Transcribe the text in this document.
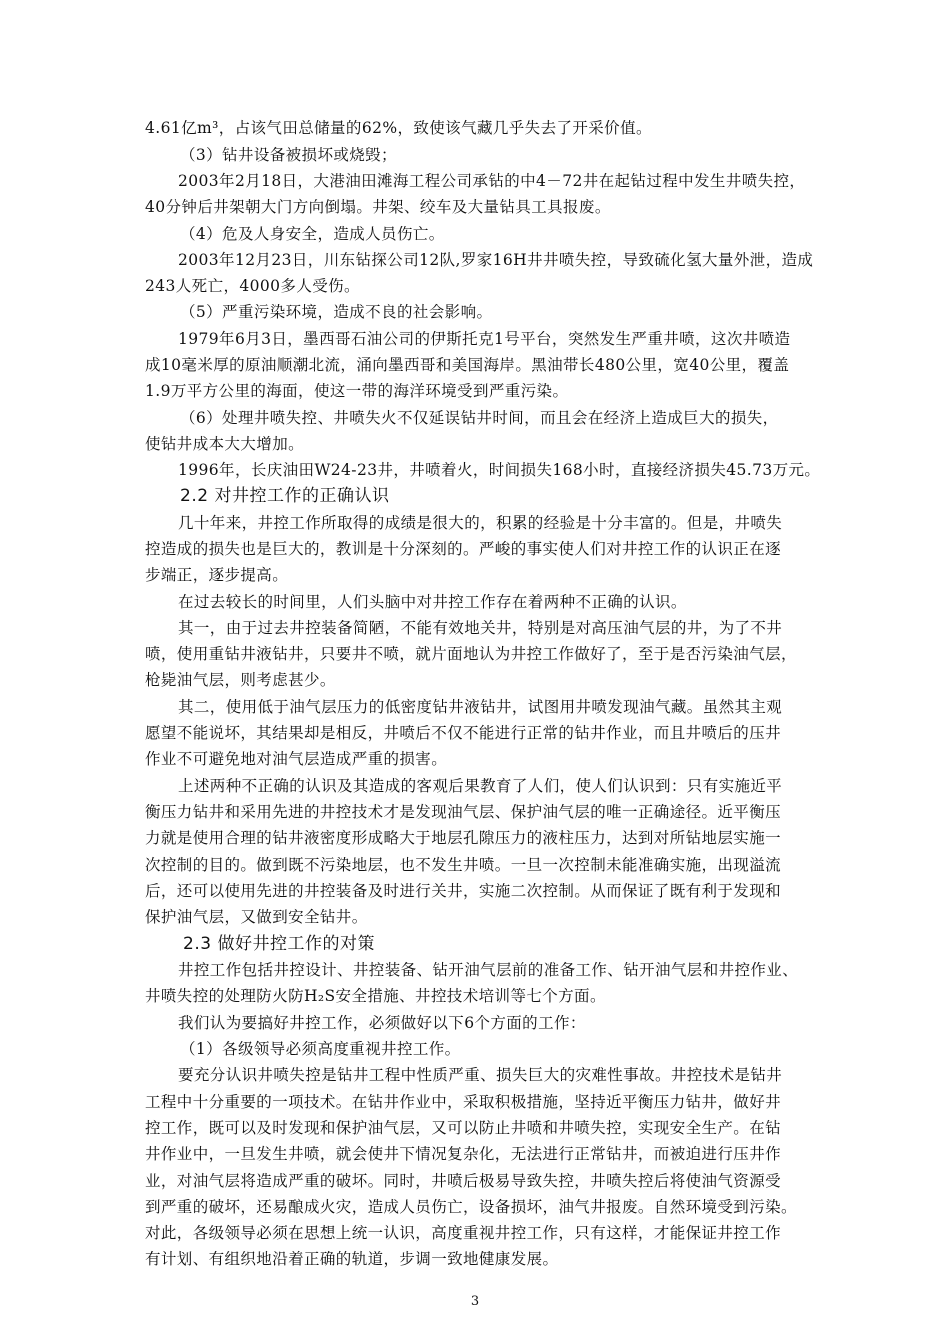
4.61亿m³，占该气田总储量的62%，致使该气藏几乎失去了开采价值。
（3）钻井设备被损坏或烧毁；
2003年2月18日，大港油田滩海工程公司承钻的中4－72井在起钻过程中发生井喷失控，
40分钟后井架朝大门方向倒塌。井架、绞车及大量钻具工具报废。
（4）危及人身安全，造成人员伤亡。
2003年12月23日，川东钻探公司12队,罗家16H井井喷失控，导致硫化氢大量外泄，造成
243人死亡，4000多人受伤。
（5）严重污染环境，造成不良的社会影响。
1979年6月3日，墨西哥石油公司的伊斯托克1号平台，突然发生严重井喷，这次井喷造
成10毫米厚的原油顺潮北流，涌向墨西哥和美国海岸。黑油带长480公里，宽40公里，覆盖
1.9万平方公里的海面，使这一带的海洋环境受到严重污染。
（6）处理井喷失控、井喷失火不仅延误钻井时间，而且会在经济上造成巨大的损失，
使钻井成本大大增加。
1996年，长庆油田W24-23井，井喷着火，时间损失168小时，直接经济损失45.73万元。
2.2 对井控工作的正确认识
几十年来，井控工作所取得的成绩是很大的，积累的经验是十分丰富的。但是，井喷失
控造成的损失也是巨大的，教训是十分深刻的。严峻的事实使人们对井控工作的认识正在逐
步端正，逐步提高。
在过去较长的时间里，人们头脑中对井控工作存在着两种不正确的认识。
其一，由于过去井控装备简陋，不能有效地关井，特别是对高压油气层的井，为了不井
喷，使用重钻井液钻井，只要井不喷，就片面地认为井控工作做好了，至于是否污染油气层，
枪毙油气层，则考虑甚少。
其二，使用低于油气层压力的低密度钻井液钻井，试图用井喷发现油气藏。虽然其主观
愿望不能说坏，其结果却是相反，井喷后不仅不能进行正常的钻井作业，而且井喷后的压井
作业不可避免地对油气层造成严重的损害。
上述两种不正确的认识及其造成的客观后果教育了人们，使人们认识到：只有实施近平
衡压力钻井和采用先进的井控技术才是发现油气层、保护油气层的唯一正确途径。近平衡压
力就是使用合理的钻井液密度形成略大于地层孔隙压力的液柱压力，达到对所钻地层实施一
次控制的目的。做到既不污染地层，也不发生井喷。一旦一次控制未能准确实施，出现溢流
后，还可以使用先进的井控装备及时进行关井，实施二次控制。从而保证了既有利于发现和
保护油气层，又做到安全钻井。
2.3 做好井控工作的对策
井控工作包括井控设计、井控装备、钻开油气层前的准备工作、钻开油气层和井控作业、
井喷失控的处理防火防H₂S安全措施、井控技术培训等七个方面。
我们认为要搞好井控工作，必须做好以下6个方面的工作：
（1）各级领导必须高度重视井控工作。
要充分认识井喷失控是钻井工程中性质严重、损失巨大的灾难性事故。井控技术是钻井
工程中十分重要的一项技术。在钻井作业中，采取积极措施，坚持近平衡压力钻井，做好井
控工作，既可以及时发现和保护油气层，又可以防止井喷和井喷失控，实现安全生产。在钻
井作业中，一旦发生井喷，就会使井下情况复杂化，无法进行正常钻井，而被迫进行压井作
业，对油气层将造成严重的破坏。同时，井喷后极易导致失控，井喷失控后将使油气资源受
到严重的破坏，还易酿成火灾，造成人员伤亡，设备损坏，油气井报废。自然环境受到污染。
对此，各级领导必须在思想上统一认识，高度重视井控工作，只有这样，才能保证井控工作
有计划、有组织地沿着正确的轨道，步调一致地健康发展。
3
